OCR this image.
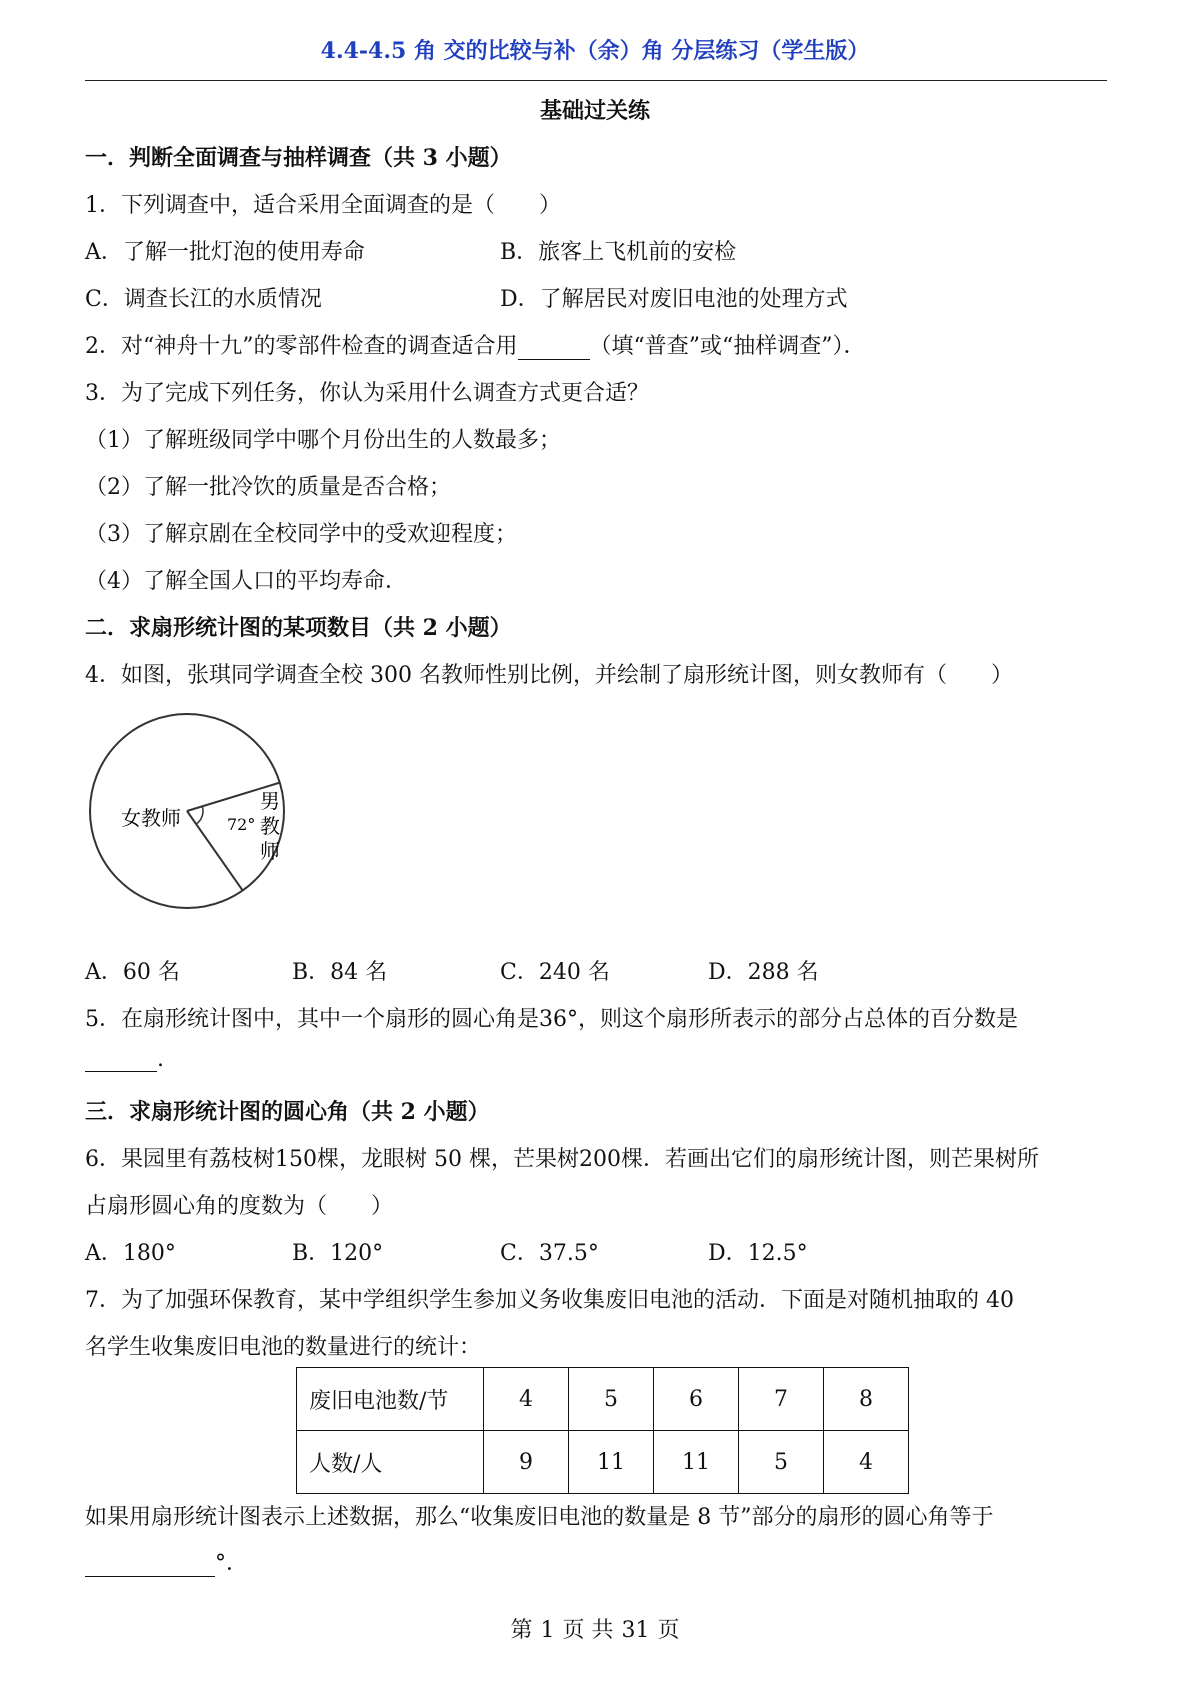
4.4-4.5 角 交的比较与补（余）角 分层练习（学生版）
基础过关练
一．判断全面调查与抽样调查（共 3 小题）
1．下列调查中，适合采用全面调查的是（　　）
A．了解一批灯泡的使用寿命	B．旅客上飞机前的安检
C．调查长江的水质情况	D．了解居民对废旧电池的处理方式
2．对“神舟十九”的零部件检查的调查适合用	（填“普查”或“抽样调查”）．
3．为了完成下列任务，你认为采用什么调查方式更合适？
（1）了解班级同学中哪个月份出生的人数最多；
（2）了解一批冷饮的质量是否合格；
（3）了解京剧在全校同学中的受欢迎程度；
（4）了解全国人口的平均寿命．
二．求扇形统计图的某项数目（共 2 小题）
4．如图，张琪同学调查全校 300 名教师性别比例，并绘制了扇形统计图，则女教师有（　　）
女教师	72°
男
教
师
A．60 名	B．84 名	C．240 名	D．288 名
5．在扇形统计图中，其中一个扇形的圆心角是36°，则这个扇形所表示的部分占总体的百分数是
.
三．求扇形统计图的圆心角（共 2 小题）
6．果园里有荔枝树150棵，龙眼树 50 棵，芒果树200棵．若画出它们的扇形统计图，则芒果树所
占扇形圆心角的度数为（　　）
A．180°	B．120°	C．37.5°	D．12.5°
7．为了加强环保教育，某中学组织学生参加义务收集废旧电池的活动．下面是对随机抽取的 40
名学生收集废旧电池的数量进行的统计：
废旧电池数/节	4	5	6	7	8
人数/人	9	11	11	5	4
如果用扇形统计图表示上述数据，那么“收集废旧电池的数量是 8 节”部分的扇形的圆心角等于
°．
第 1 页 共 31 页
